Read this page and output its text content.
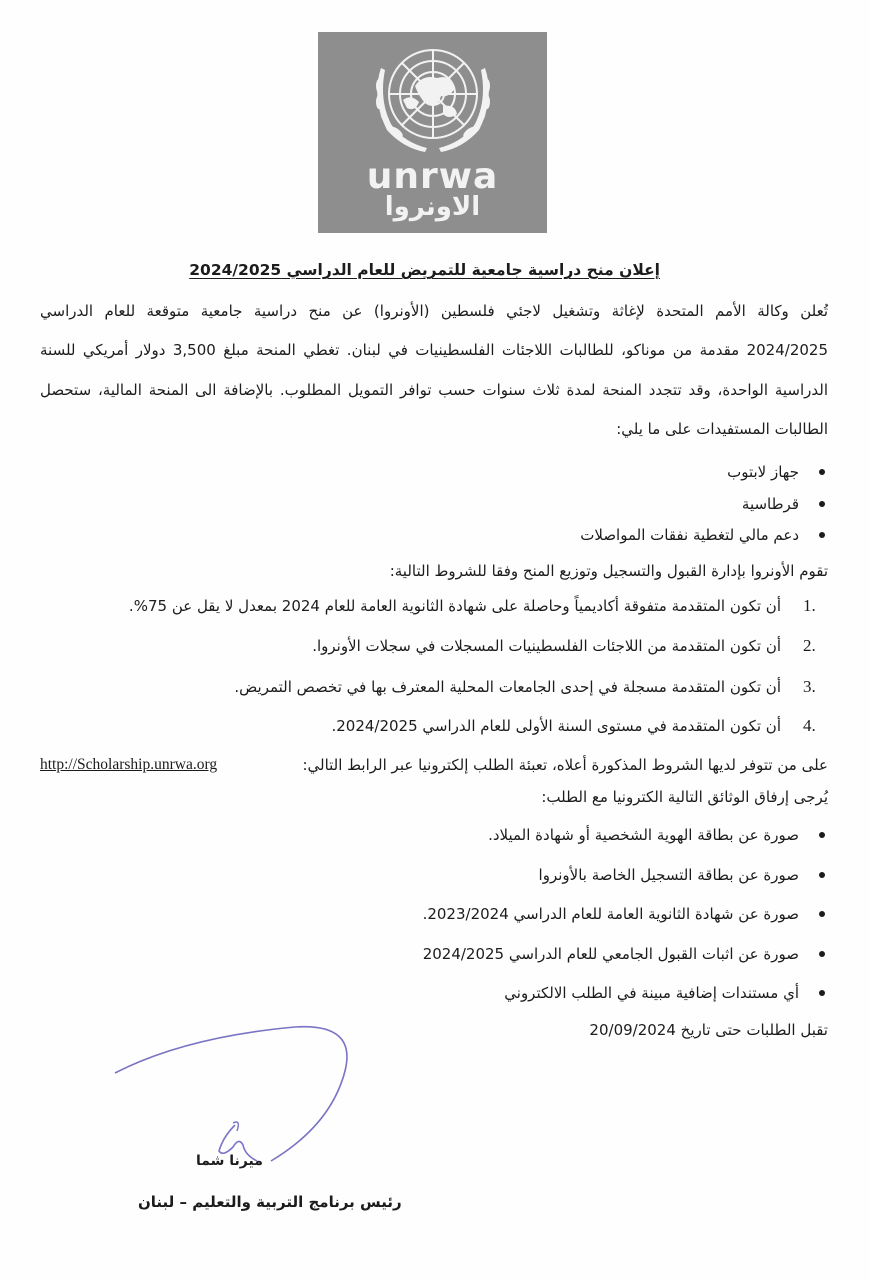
unrwa
الاونروا
إعلان منح دراسية جامعية للتمريض للعام الدراسي 2024/2025
تُعلن وكالة الأمم المتحدة لإغاثة وتشغيل لاجئي فلسطين (الأونروا) عن منح دراسية جامعية متوقعة للعام الدراسي
2024/2025 مقدمة من موناكو، للطالبات اللاجئات الفلسطينيات في لبنان. تغطي المنحة مبلغ 3,500 دولار أمريكي للسنة
الدراسية الواحدة، وقد تتجدد المنحة لمدة ثلاث سنوات حسب توافر التمويل المطلوب. بالإضافة الى المنحة المالية، ستحصل
الطالبات المستفيدات على ما يلي:
جهاز لابتوب
قرطاسية
دعم مالي لتغطية نفقات المواصلات
تقوم الأونروا بإدارة القبول والتسجيل وتوزيع المنح وفقا للشروط التالية:
1.
أن تكون المتقدمة متفوقة أكاديمياً وحاصلة على شهادة الثانوية العامة للعام 2024 بمعدل لا يقل عن 75%.
2.
أن تكون المتقدمة من اللاجئات الفلسطينيات المسجلات في سجلات الأونروا.
3.
أن تكون المتقدمة مسجلة في إحدى الجامعات المحلية المعترف بها في تخصص التمريض.
4.
أن تكون المتقدمة في مستوى السنة الأولى للعام الدراسي 2024/2025.
على من تتوفر لديها الشروط المذكورة أعلاه، تعبئة الطلب إلكترونيا عبر الرابط التالي:
http://Scholarship.unrwa.org
يُرجى إرفاق الوثائق التالية الكترونيا مع الطلب:
صورة عن بطاقة الهوية الشخصية أو شهادة الميلاد.
صورة عن بطاقة التسجيل الخاصة بالأونروا
صورة عن شهادة الثانوية العامة للعام الدراسي 2023/2024.
صورة عن اثبات القبول الجامعي للعام الدراسي 2024/2025
أي مستندات إضافية مبينة في الطلب الالكتروني
تقبل الطلبات حتى تاريخ 20/09/2024
ميرنا شما
رئيس برنامج التربية والتعليم – لبنان
